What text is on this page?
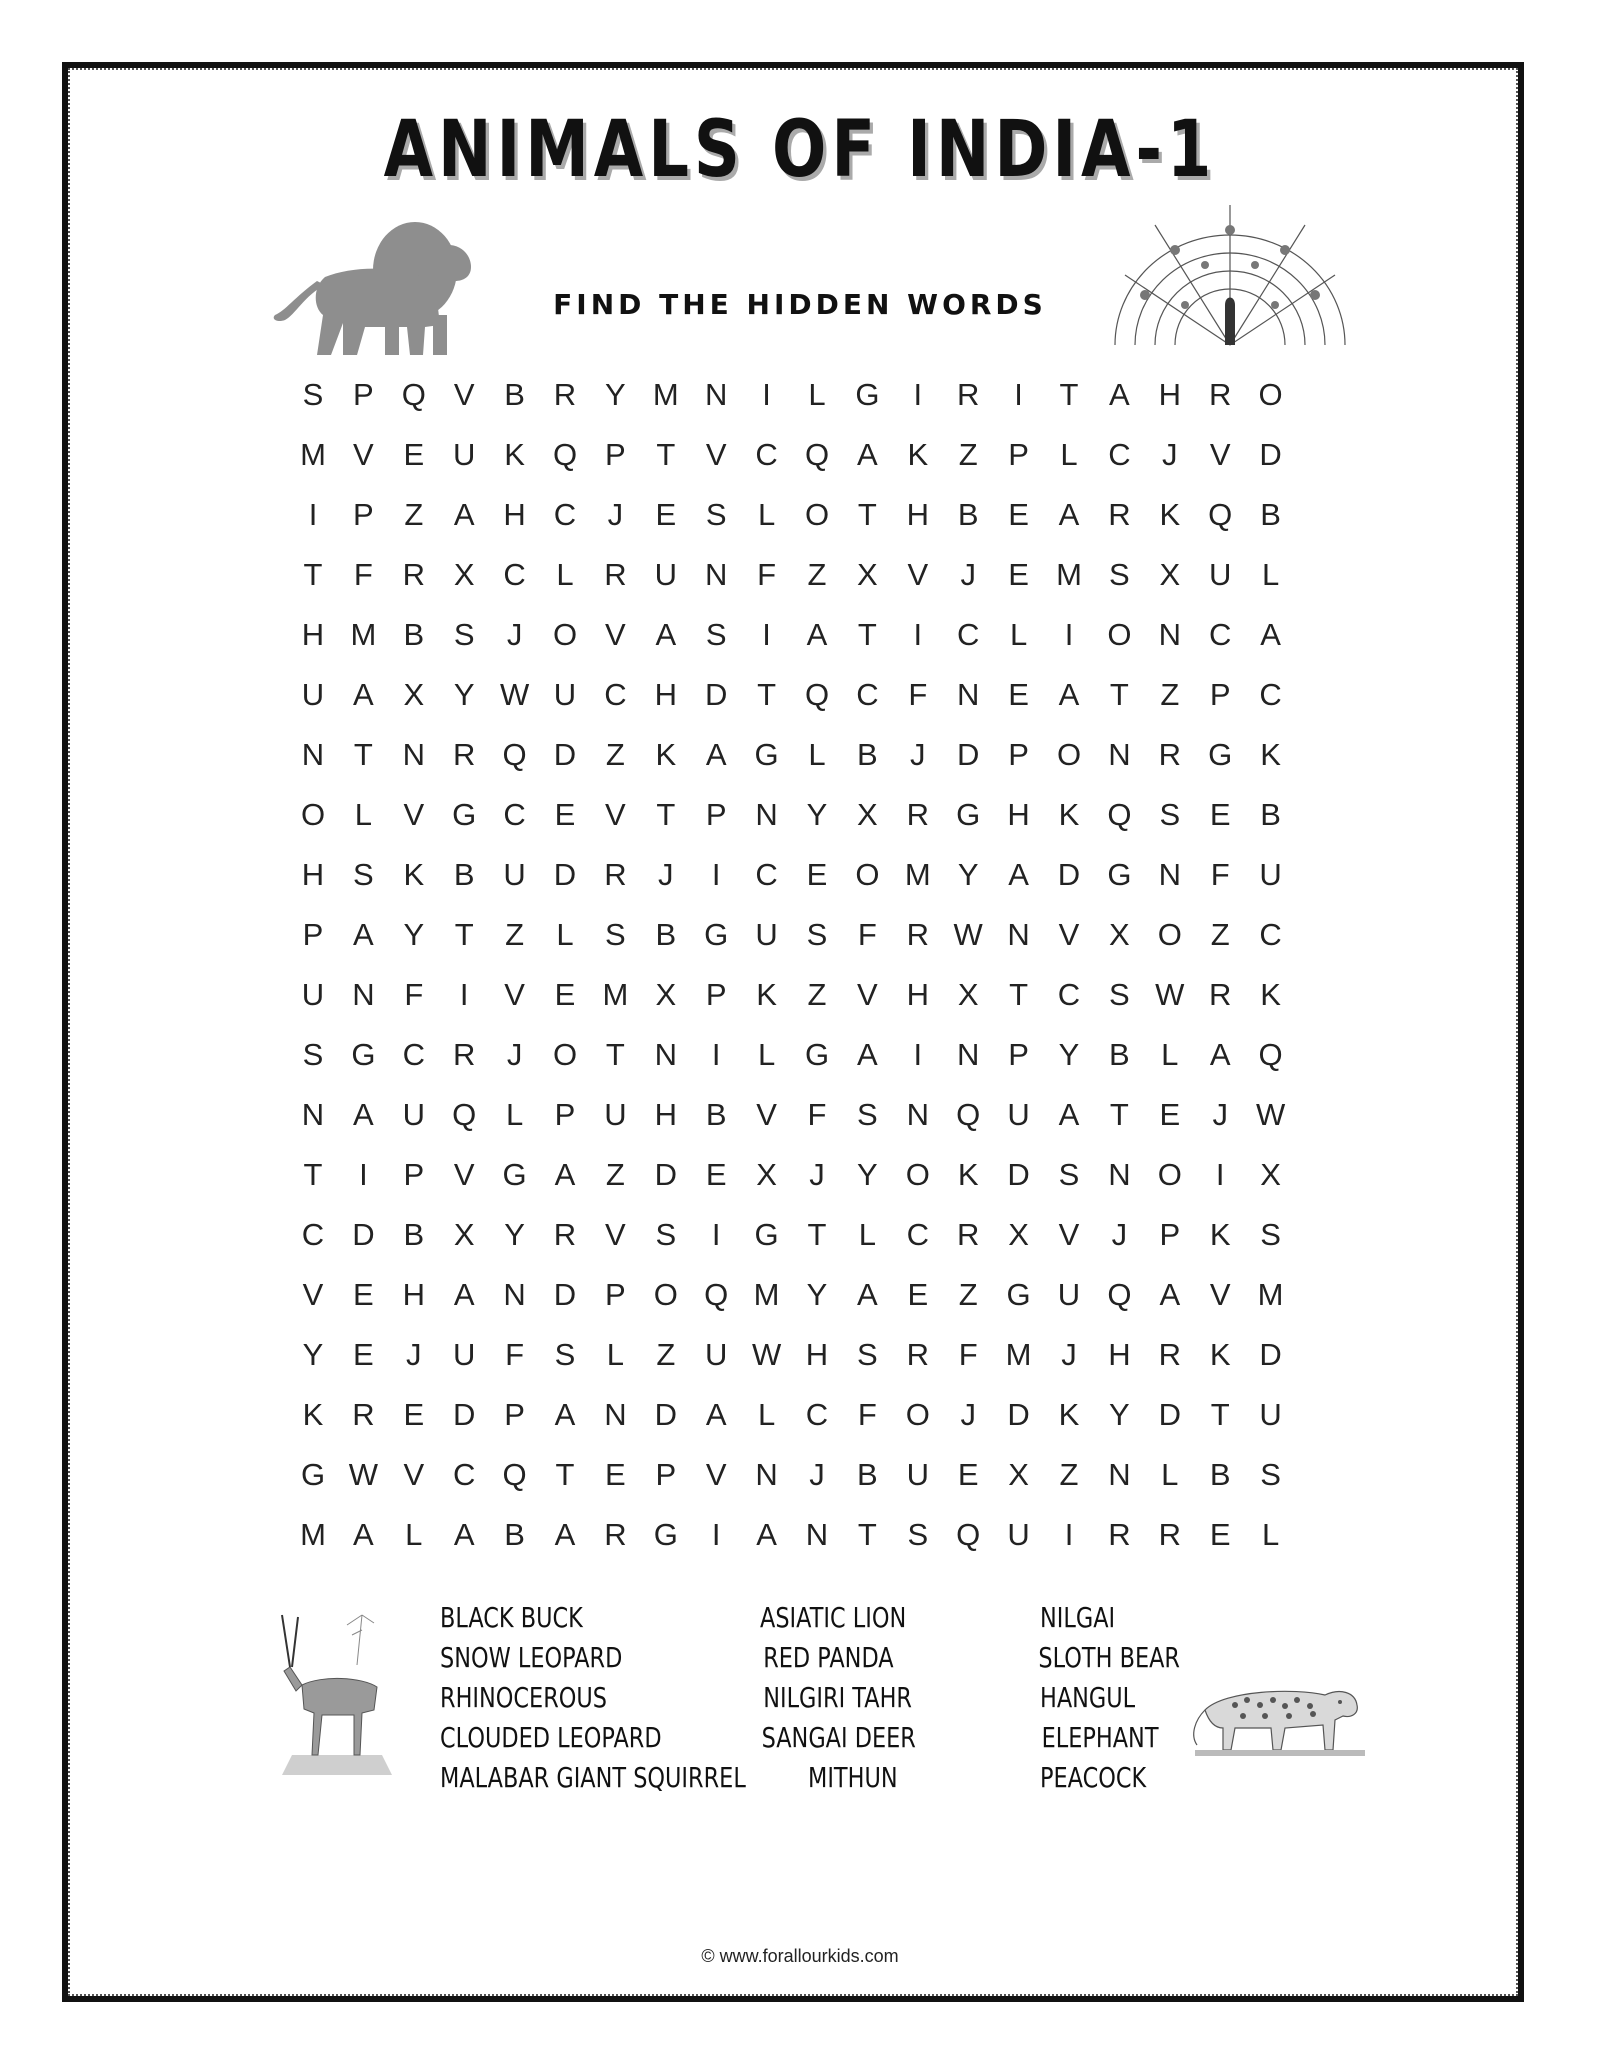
ANIMALS OF INDIA-1
FIND THE HIDDEN WORDS
S P Q V B R Y M N	I	L G	I	R	I	T A H R O
M V E U K Q P T V C Q A K Z P	L C	J	V D
I	P Z A H C	J	E S	L O T H B E A R K Q B
T	F R X C L R U N F	Z X V	J	E M S X U L
H M B S	J O V A S	I	A T	I	C L	I	O N C A
U A X Y W U C H D T Q C F N E A T	Z P C
N T N R Q D Z K A G L	B	J	D P O N R G K
O L	V G C E V T P N Y X R G H K Q S E B
H S K B U D R	J	I	C E O M Y A D G N F U
P A Y T	Z	L	S B G U S F R W N V X O Z C
U N F	I	V E M X P K Z V H X T C S W R K
S G C R	J O T N	I	L G A	I	N P Y B	L	A Q
N A U Q L	P U H B V F S N Q U A T E	J W
T	I	P V G A Z D E X	J	Y O K D S N O	I	X
C D B X Y R V S	I	G T	L C R X V	J	P K S
V E H A N D P O Q M Y A E Z G U Q A V M
Y E	J	U F S	L	Z U W H S R F M J	H R K D
K R E D P A N D A	L C F O J	D K Y D T U
G W V C Q T E P V N	J	B U E X Z N L	B S
M A	L	A B A R G	I	A N T S Q U	I	R R E	L
BLACK BUCK
SNOW LEOPARD
RHINOCEROUS
CLOUDED LEOPARD
MALABAR GIANT SQUIRREL
ASIATIC LION
RED PANDA
NILGIRI TAHR
SANGAI DEER
MITHUN
NILGAI
SLOTH BEAR
HANGUL
ELEPHANT
PEACOCK
© www.forallourkids.com
